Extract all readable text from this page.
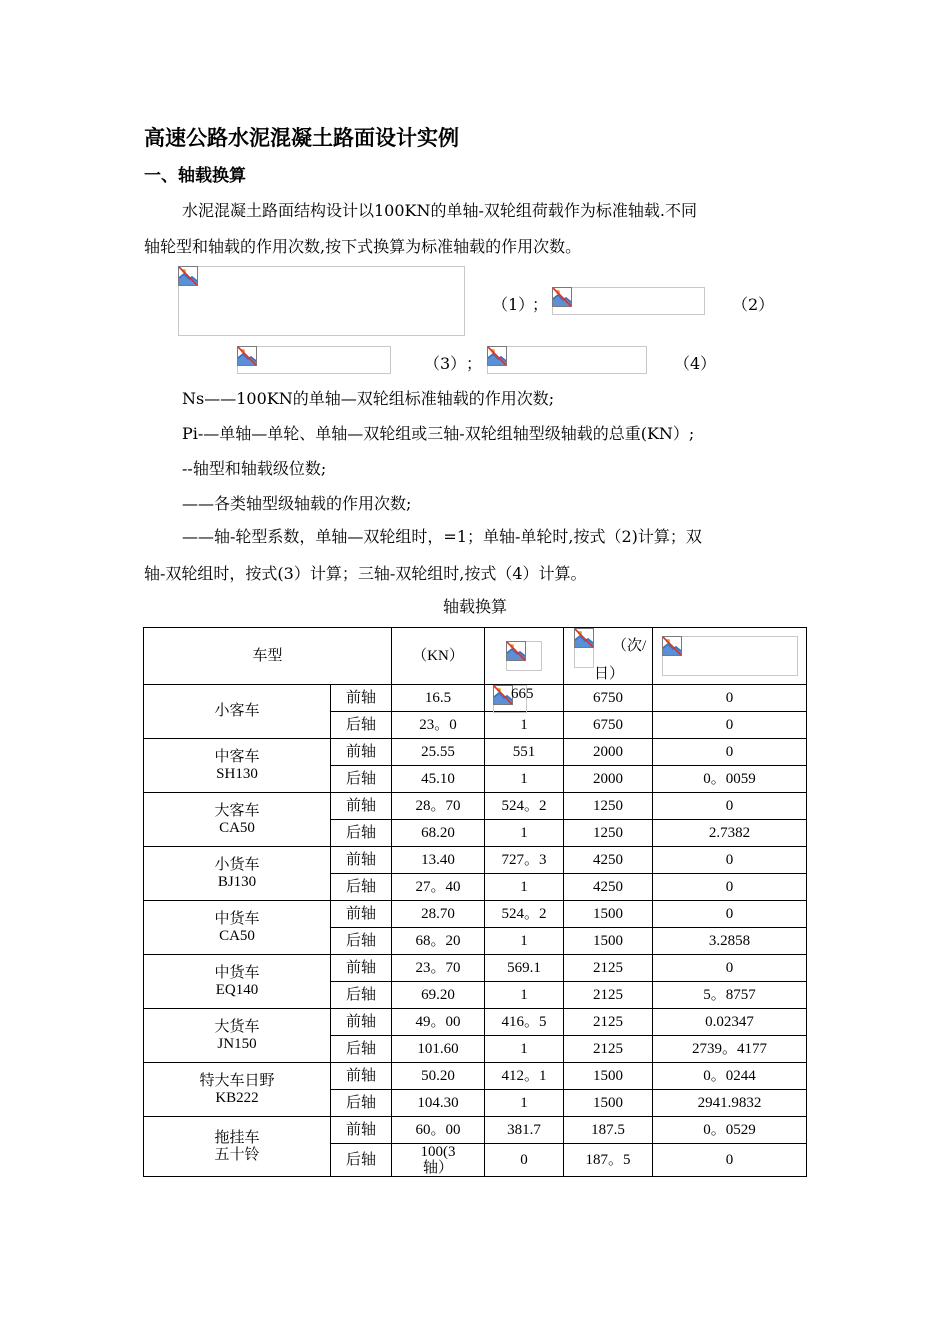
高速公路水泥混凝土路面设计实例
一、轴载换算
水泥混凝土路面结构设计以100KN的单轴-双轮组荷载作为标准轴载.不同
轴轮型和轴载的作用次数,按下式换算为标准轴载的作用次数。
（1）
；	（2）
（3） ；	（4）
Ns——100KN的单轴—双轮组标准轴载的作用次数;
Pi-—单轴—单轮、单轴—双轮组或三轴-双轮组轴型级轴载的总重(KN）;
--轴型和轴载级位数;
——各类轴型级轴载的作用次数;
——轴-轮型系数，单轴—双轮组时，=1；单轴-单轮时,按式（2)计算；双
轴-双轮组时，按式(3）计算；三轴-双轮组时,按式（4）计算。
轴载换算
车型		（KN）		（次/
日）

小客车	前轴	16.5	665	6750	0
	后轴	23。0	1	6750	0

中客车
SH130	前轴	25.55	551	2000	0
	后轴	45.10	1	2000	0。0059

大客车
CA50	前轴	28。70	524。2	1250	0
	后轴	68.20	1	1250	2.7382

小货车
BJ130	前轴	13.40	727。3	4250	0
	后轴	27。40	1	4250	0

中货车
CA50	前轴	28.70	524。2	1500	0
	后轴	68。20	1	1500	3.2858

中货车
EQ140	前轴	23。70	569.1	2125	0
	后轴	69.20	1	2125	5。8757

大货车
JN150	前轴	49。00	416。5	2125	0.02347
	后轴	101.60	1	2125	2739。4177

特大车日野
KB222	前轴	50.20	412。1	1500	0。0244
	后轴	104.30	1	1500	2941.9832

拖挂车
五十铃	前轴	60。00	381.7	187.5	0。0529
	后轴	100(3
轴）	0	187。5	0
